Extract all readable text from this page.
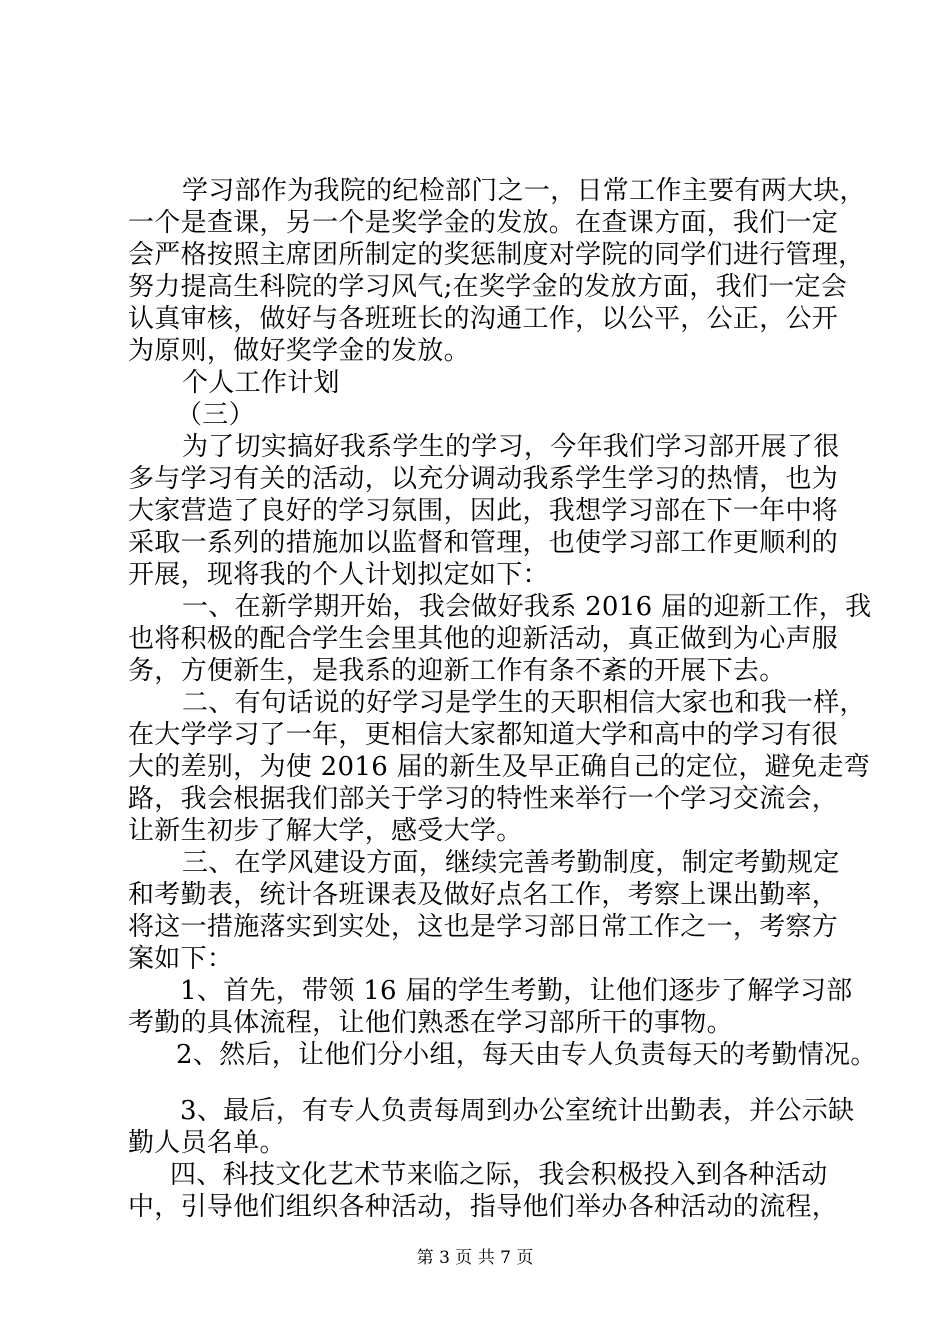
学习部作为我院的纪检部门之一，日常工作主要有两大块，
一个是查课，另一个是奖学金的发放。在查课方面，我们一定
会严格按照主席团所制定的奖惩制度对学院的同学们进行管理，
努力提高生科院的学习风气;在奖学金的发放方面，我们一定会
认真审核，做好与各班班长的沟通工作，以公平，公正，公开
为原则，做好奖学金的发放。
个人工作计划
（三）
为了切实搞好我系学生的学习，今年我们学习部开展了很
多与学习有关的活动，以充分调动我系学生学习的热情，也为
大家营造了良好的学习氛围，因此，我想学习部在下一年中将
采取一系列的措施加以监督和管理，也使学习部工作更顺利的
开展，现将我的个人计划拟定如下：
一、在新学期开始，我会做好我系 2016 届的迎新工作，我
也将积极的配合学生会里其他的迎新活动，真正做到为心声服
务，方便新生，是我系的迎新工作有条不紊的开展下去。
二、有句话说的好学习是学生的天职相信大家也和我一样，
在大学学习了一年，更相信大家都知道大学和高中的学习有很
大的差别，为使 2016 届的新生及早正确自己的定位，避免走弯
路，我会根据我们部关于学习的特性来举行一个学习交流会，
让新生初步了解大学，感受大学。
三、在学风建设方面，继续完善考勤制度，制定考勤规定
和考勤表，统计各班课表及做好点名工作，考察上课出勤率，
将这一措施落实到实处，这也是学习部日常工作之一，考察方
案如下：
1、首先，带领 16 届的学生考勤，让他们逐步了解学习部
考勤的具体流程，让他们熟悉在学习部所干的事物。
2、然后，让他们分小组，每天由专人负责每天的考勤情况。
3、最后，有专人负责每周到办公室统计出勤表，并公示缺
勤人员名单。
四、科技文化艺术节来临之际，我会积极投入到各种活动
中，引导他们组织各种活动，指导他们举办各种活动的流程，
第 3 页 共 7 页
